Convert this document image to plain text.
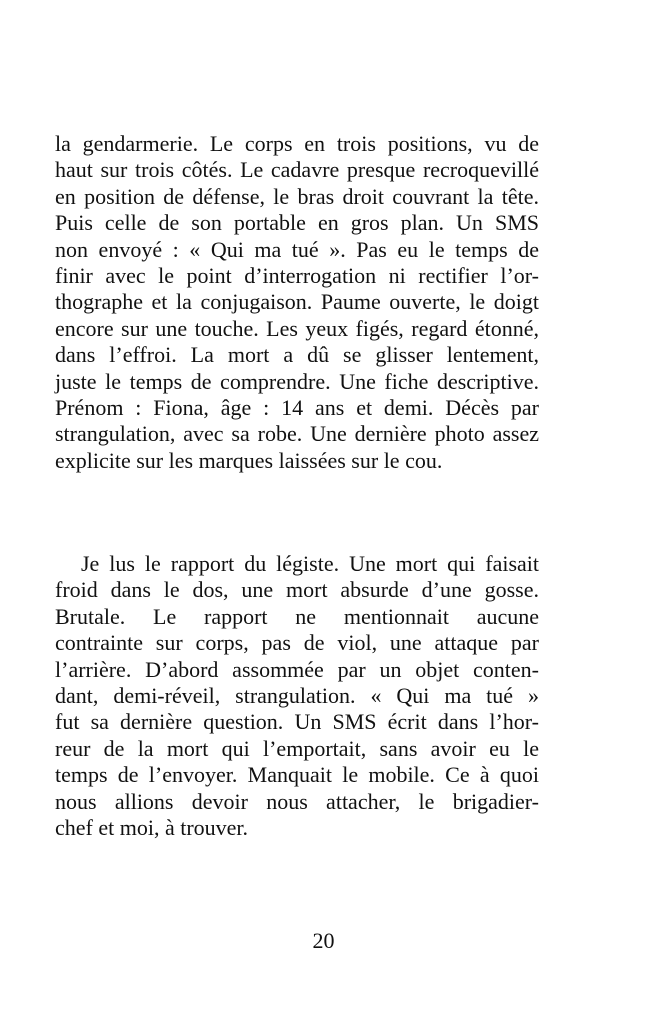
la gendarmerie. Le corps en trois positions, vu de
haut sur trois côtés. Le cadavre presque recroquevillé
en position de défense, le bras droit couvrant la tête.
Puis celle de son portable en gros plan. Un SMS
non envoyé : « Qui ma tué ». Pas eu le temps de
finir avec le point d’interrogation ni rectifier l’or-
thographe et la conjugaison. Paume ouverte, le doigt
encore sur une touche. Les yeux figés, regard étonné,
dans l’effroi. La mort a dû se glisser lentement,
juste le temps de comprendre. Une fiche descriptive.
Prénom : Fiona, âge : 14 ans et demi. Décès par
strangulation, avec sa robe. Une dernière photo assez
explicite sur les marques laissées sur le cou.
Je lus le rapport du légiste. Une mort qui faisait
froid dans le dos, une mort absurde d’une gosse.
Brutale. Le rapport ne mentionnait aucune
contrainte sur corps, pas de viol, une attaque par
l’arrière. D’abord assommée par un objet conten-
dant, demi-réveil, strangulation. « Qui ma tué »
fut sa dernière question. Un SMS écrit dans l’hor-
reur de la mort qui l’emportait, sans avoir eu le
temps de l’envoyer. Manquait le mobile. Ce à quoi
nous allions devoir nous attacher, le brigadier-
chef et moi, à trouver.
20
